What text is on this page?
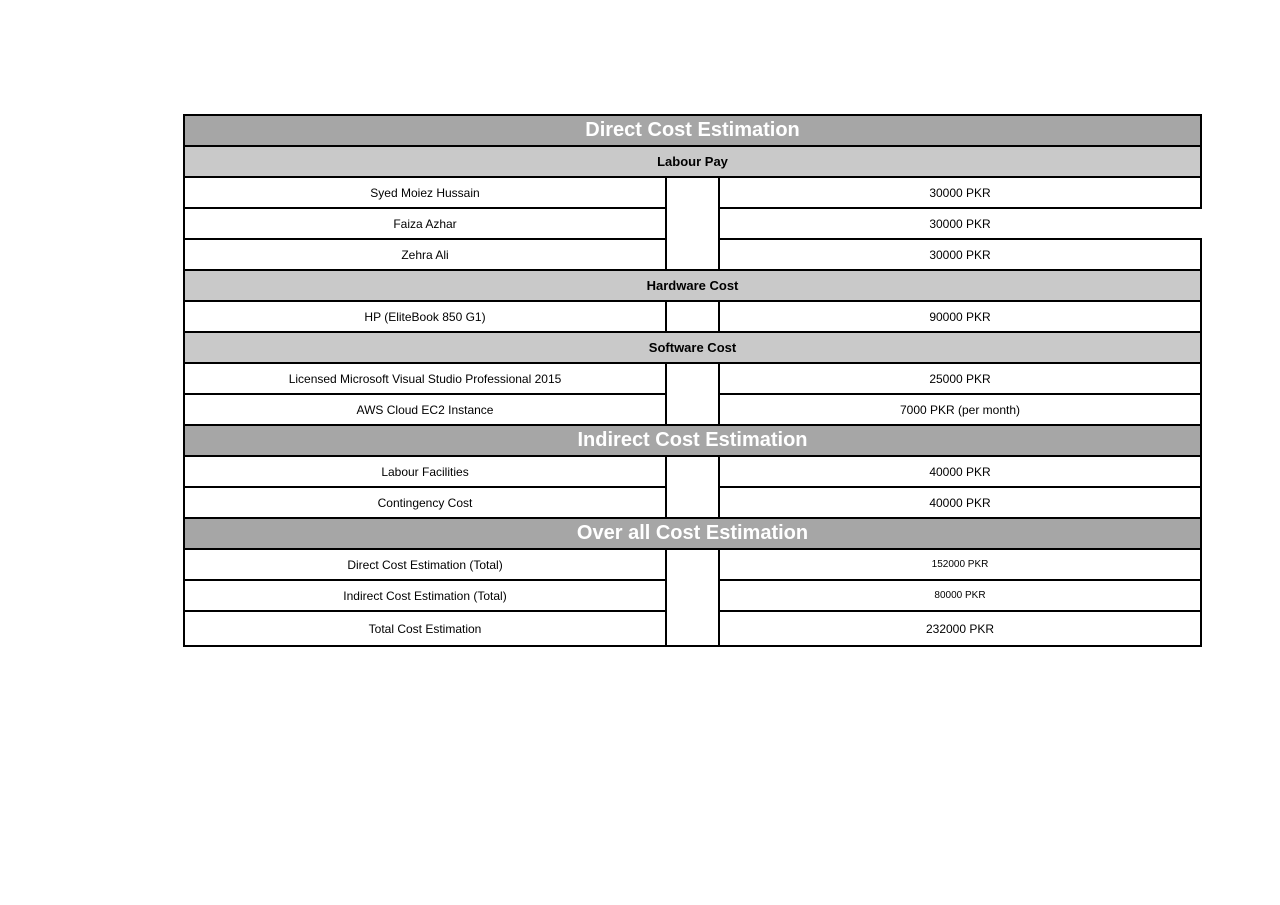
Direct Cost Estimation		
Labour Pay		
Syed Moiez Hussain		30000 PKR
Faiza Azhar		30000 PKR
Zehra Ali		30000 PKR
Hardware Cost		
HP (EliteBook 850 G1)		90000 PKR
Software Cost		
Licensed Microsoft Visual Studio Professional 2015		25000 PKR
AWS Cloud EC2 Instance		7000 PKR (per month)
Indirect Cost Estimation		
Labour Facilities		40000 PKR
Contingency Cost		40000 PKR
Over all Cost Estimation		
Direct Cost Estimation (Total)		152000 PKR
Indirect Cost Estimation (Total)		80000 PKR
Total Cost Estimation		232000 PKR
